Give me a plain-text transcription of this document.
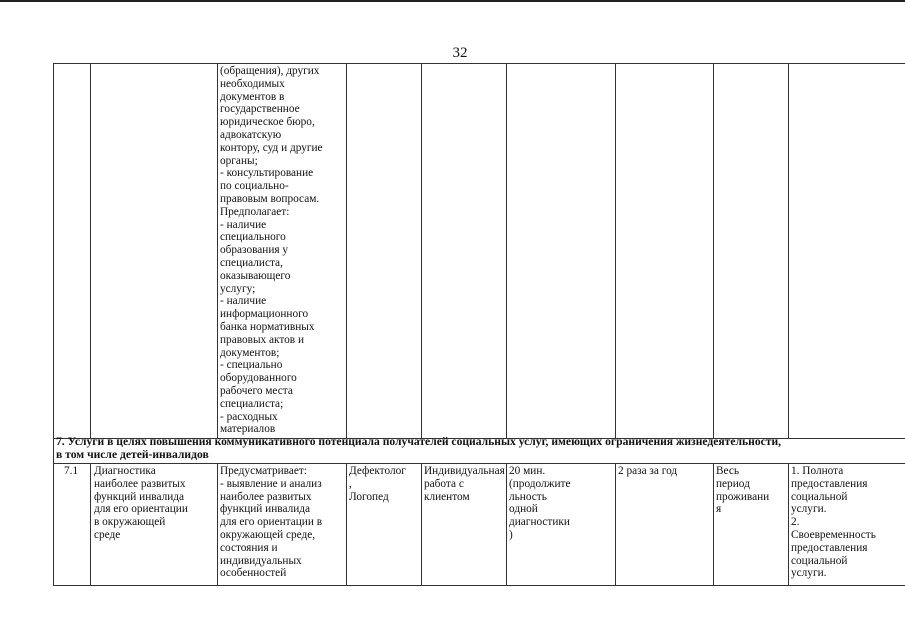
32
(обращения), других
необходимых
документов в
государственное
юридическое бюро,
адвокатскую
контору, суд и другие
органы;
- консультирование
по социально-
правовым вопросам.
Предполагает:
- наличие
специального
образования у
специалиста,
оказывающего
услугу;
- наличие
информационного
банка нормативных
правовых актов и
документов;
- специально
оборудованного
рабочего места
специалиста;
- расходных
материалов
7. Услуги в целях повышения коммуникативного потенциала получателей социальных услуг, имеющих ограничения жизнедеятельности,
в том числе детей-инвалидов
7.1	Диагностика
наиболее развитых
функций инвалида
для его ориентации
в окружающей
среде
Предусматривает:
- выявление и анализ
наиболее развитых
функций инвалида
для его ориентации в
окружающей среде,
состояния и
индивидуальных
особенностей
Дефектолог
,
Логопед
Индивидуальная
работа с
клиентом
20 мин.
(продолжите
льность
одной
диагностики
)
2 раза за год	Весь
период
проживани
я
1. Полнота
предоставления
социальной
услуги.
2.
Своевременность
предоставления
социальной
услуги.
